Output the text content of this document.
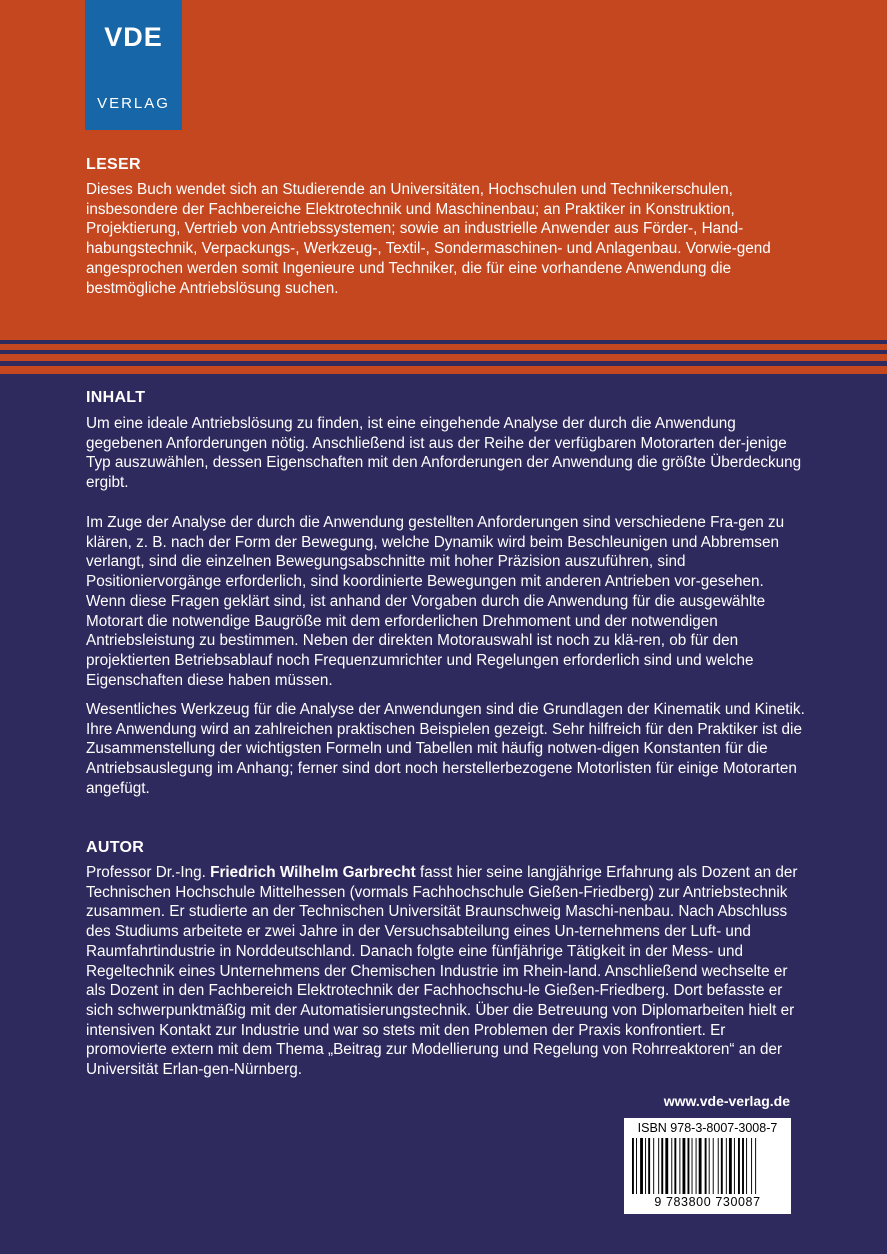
VDE
VERLAG
LESER

Dieses Buch wendet sich an Studierende an Universitäten, Hochschulen und Technikerschulen, insbesondere der Fachbereiche Elektrotechnik und Maschinenbau; an Praktiker in Konstruktion, Projektierung, Vertrieb von Antriebssystemen; sowie an industrielle Anwender aus Förder-, Hand-habungstechnik, Verpackungs-, Werkzeug-, Textil-, Sondermaschinen- und Anlagenbau. Vorwie-gend angesprochen werden somit Ingenieure und Techniker, die für eine vorhandene Anwendung die bestmögliche Antriebslösung suchen.

INHALT

Um eine ideale Antriebslösung zu finden, ist eine eingehende Analyse der durch die Anwendung gegebenen Anforderungen nötig. Anschließend ist aus der Reihe der verfügbaren Motorarten der-jenige Typ auszuwählen, dessen Eigenschaften mit den Anforderungen der Anwendung die größte Überdeckung ergibt.

Im Zuge der Analyse der durch die Anwendung gestellten Anforderungen sind verschiedene Fra-gen zu klären, z. B. nach der Form der Bewegung, welche Dynamik wird beim Beschleunigen und Abbremsen verlangt, sind die einzelnen Bewegungsabschnitte mit hoher Präzision auszuführen, sind Positioniervorgänge erforderlich, sind koordinierte Bewegungen mit anderen Antrieben vor-gesehen. Wenn diese Fragen geklärt sind, ist anhand der Vorgaben durch die Anwendung für die ausgewählte Motorart die notwendige Baugröße mit dem erforderlichen Drehmoment und der notwendigen Antriebsleistung zu bestimmen. Neben der direkten Motorauswahl ist noch zu klä-ren, ob für den projektierten Betriebsablauf noch Frequenzumrichter und Regelungen erforderlich sind und welche Eigenschaften diese haben müssen.

Wesentliches Werkzeug für die Analyse der Anwendungen sind die Grundlagen der Kinematik und Kinetik. Ihre Anwendung wird an zahlreichen praktischen Beispielen gezeigt. Sehr hilfreich für den Praktiker ist die Zusammenstellung der wichtigsten Formeln und Tabellen mit häufig notwen-digen Konstanten für die Antriebsauslegung im Anhang; ferner sind dort noch herstellerbezogene Motorlisten für einige Motorarten angefügt.

AUTOR

Professor Dr.-Ing. Friedrich Wilhelm Garbrecht fasst hier seine langjährige Erfahrung als Dozent an der Technischen Hochschule Mittelhessen (vormals Fachhochschule Gießen-Friedberg) zur Antriebstechnik zusammen. Er studierte an der Technischen Universität Braunschweig Maschi-nenbau. Nach Abschluss des Studiums arbeitete er zwei Jahre in der Versuchsabteilung eines Un-ternehmens der Luft- und Raumfahrtindustrie in Norddeutschland. Danach folgte eine fünfjährige Tätigkeit in der Mess- und Regeltechnik eines Unternehmens der Chemischen Industrie im Rhein-land. Anschließend wechselte er als Dozent in den Fachbereich Elektrotechnik der Fachhochschu-le Gießen-Friedberg. Dort befasste er sich schwerpunktmäßig mit der Automatisierungstechnik. Über die Betreuung von Diplomarbeiten hielt er intensiven Kontakt zur Industrie und war so stets mit den Problemen der Praxis konfrontiert. Er promovierte extern mit dem Thema „Beitrag zur Modellierung und Regelung von Rohrreaktoren“ an der Universität Erlan-gen-Nürnberg.

www.vde-verlag.de
ISBN 978-3-8007-3008-7
9 783800 730087
